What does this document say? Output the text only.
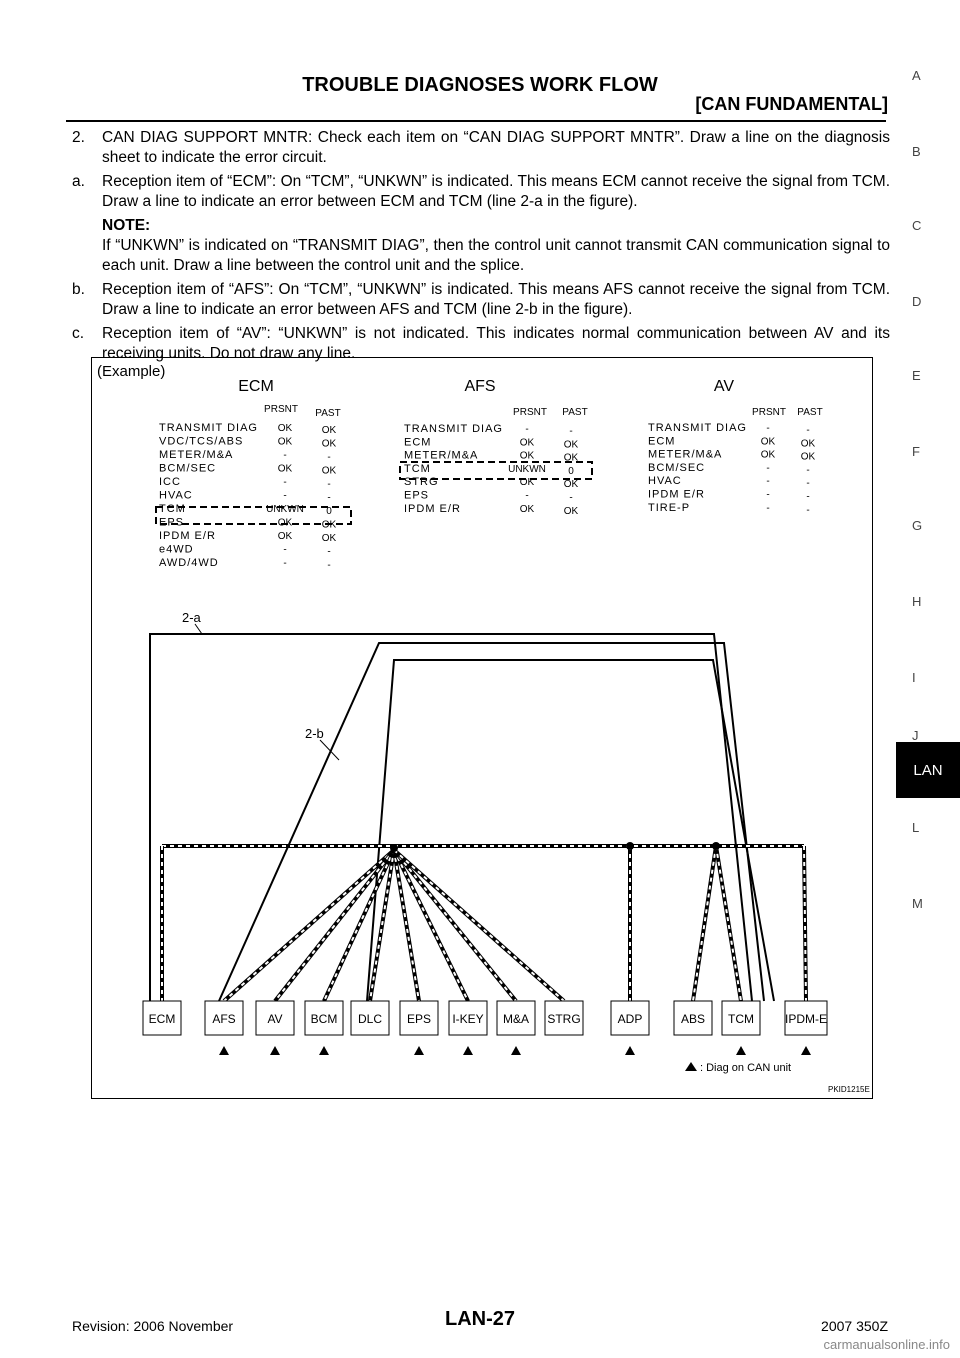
TROUBLE DIAGNOSES WORK FLOW
[CAN FUNDAMENTAL]
2.	CAN DIAG SUPPORT MNTR: Check each item on “CAN DIAG SUPPORT MNTR”. Draw a line on the diagnosis sheet to indicate the error circuit.
a.	Reception item of “ECM”: On “TCM”, “UNKWN” is indicated. This means ECM cannot receive the signal from TCM. Draw a line to indicate an error between ECM and TCM (line 2-a in the figure).
NOTE:
If “UNKWN” is indicated on “TRANSMIT DIAG”, then the control unit cannot transmit CAN communication signal to each unit. Draw a line between the control unit and the splice.
b.	Reception item of “AFS”: On “TCM”, “UNKWN” is indicated. This means AFS cannot receive the signal from TCM. Draw a line to indicate an error between AFS and TCM (line 2-b in the figure).
c.	Reception item of “AV”: “UNKWN” is not indicated. This indicates normal communication between AV and its receiving units. Do not draw any line.
A
B
C
D
E
F
G
H
I
LAN
J
L
M
(Example)
ECM
PRSNT PAST
TRANSMIT DIAG OK	OK
VDC/TCS/ABS	OK	OK
METER/M&A	-	-
BCM/SEC	OK	OK
ICC	-	-
HVAC	-	-
TCM	UNKWN 0
EPS	OK	OK
IPDM E/R	OK	OK
e4WD	-	-
AWD/4WD	-	-
AFS
PRSNT PAST
TRANSMIT DIAG -	-
ECM	OK	OK
METER/M&A	OK	OK
TCM	UNKWN 0
STRG	OK	OK
EPS	-	-
IPDM E/R	OK	OK
AV
PRSNT PAST
TRANSMIT DIAG -	-
ECM	OK	OK
METER/M&A	OK	OK
BCM/SEC	-	-
HVAC	-	-
IPDM E/R	-	-
TIRE-P	-	-
2-a
2-b
ECM	AFS	AV BCM DLC EPS I-KEY M&A STRG	ADP	ABS TCM	IPDM-E
: Diag on CAN unit
PKID1215E
Revision: 2006 November	LAN-27	2007 350Z
carmanualsonline.info
